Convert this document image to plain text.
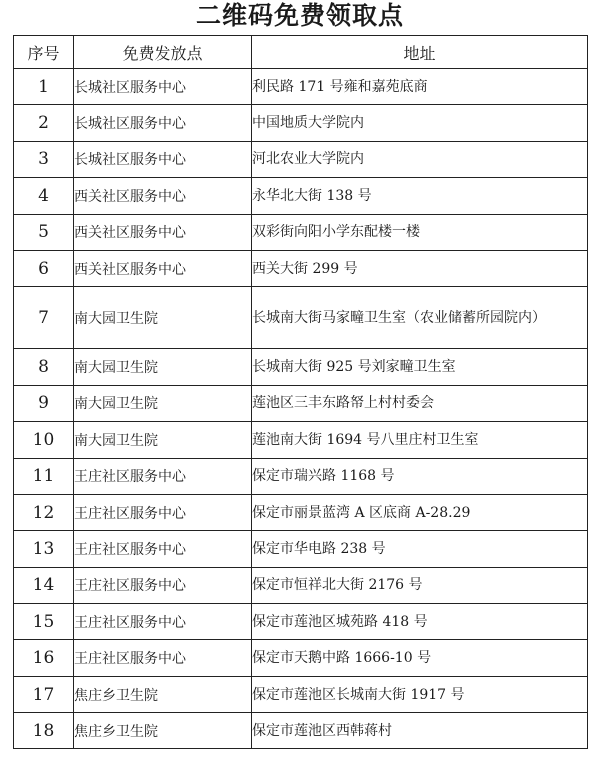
二维码免费领取点
序号	免费发放点	地址
1	长城社区服务中心	利民路 171 号雍和嘉苑底商
2	长城社区服务中心	中国地质大学院内
3	长城社区服务中心	河北农业大学院内
4	西关社区服务中心	永华北大街 138 号
5	西关社区服务中心	双彩街向阳小学东配楼一楼
6	西关社区服务中心	西关大街 299 号
7	南大园卫生院	长城南大街马家疃卫生室（农业储蓄所园院内）
8	南大园卫生院	长城南大街 925 号刘家疃卫生室
9	南大园卫生院	莲池区三丰东路帑上村村委会
10	南大园卫生院	莲池南大街 1694 号八里庄村卫生室
11	王庄社区服务中心	保定市瑞兴路 1168 号
12	王庄社区服务中心	保定市丽景蓝湾 A 区底商 A-28.29
13	王庄社区服务中心	保定市华电路 238 号
14	王庄社区服务中心	保定市恒祥北大街 2176 号
15	王庄社区服务中心	保定市莲池区城苑路 418 号
16	王庄社区服务中心	保定市天鹅中路 1666-10 号
17	焦庄乡卫生院	保定市莲池区长城南大街 1917 号
18	焦庄乡卫生院	保定市莲池区西韩蒋村
